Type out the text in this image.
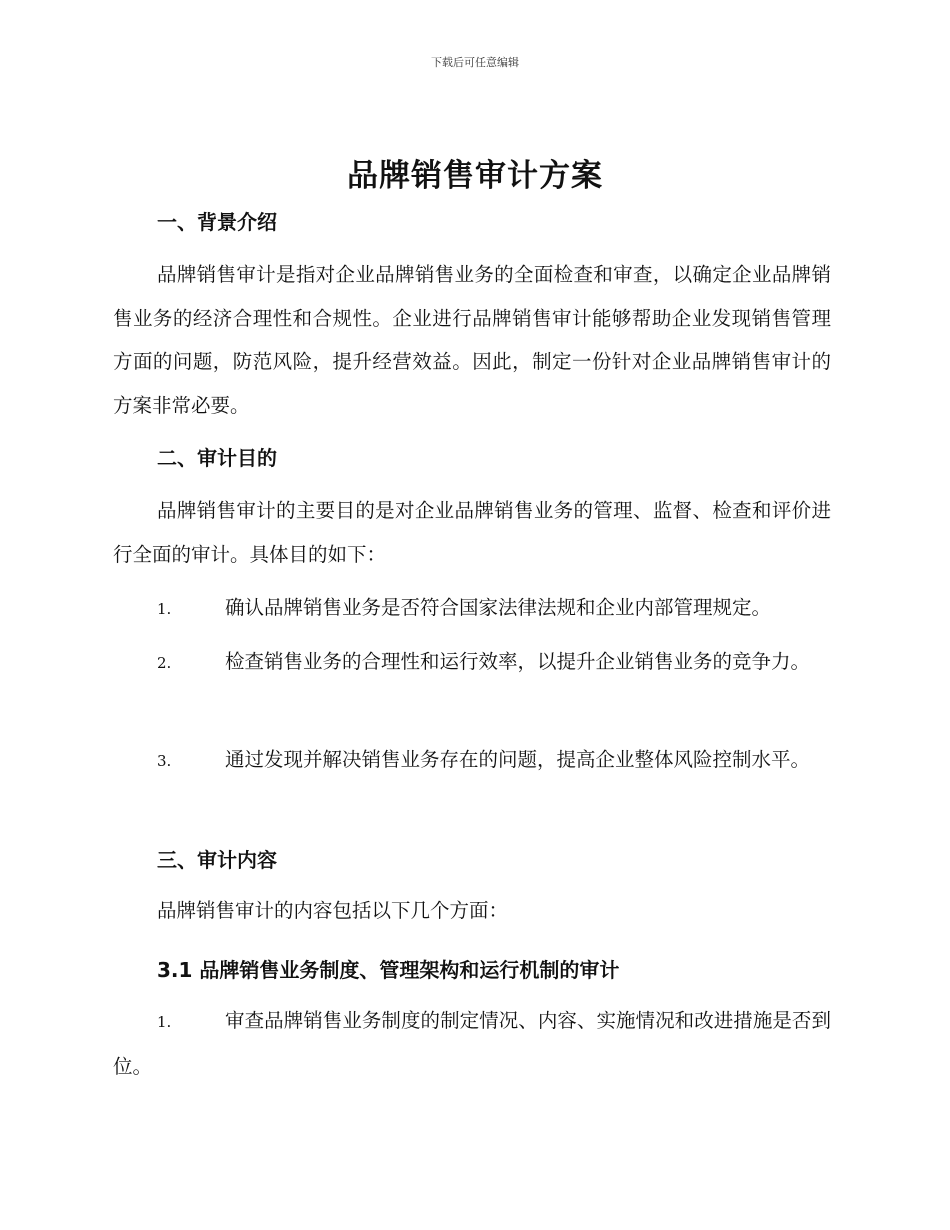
下载后可任意编辑
品牌销售审计方案
一、背景介绍

品牌销售审计是指对企业品牌销售业务的全面检查和审查，以确定企业品牌销售业务的经济合理性和合规性。企业进行品牌销售审计能够帮助企业发现销售管理方面的问题，防范风险，提升经营效益。因此，制定一份针对企业品牌销售审计的方案非常必要。

二、审计目的

品牌销售审计的主要目的是对企业品牌销售业务的管理、监督、检查和评价进行全面的审计。具体目的如下：

1.	确认品牌销售业务是否符合国家法律法规和企业内部管理规定。

2.	检查销售业务的合理性和运行效率，以提升企业销售业务的竞争力。

3.	通过发现并解决销售业务存在的问题，提高企业整体风险控制水平。

三、审计内容

品牌销售审计的内容包括以下几个方面：

3.1 品牌销售业务制度、管理架构和运行机制的审计

1.	审查品牌销售业务制度的制定情况、内容、实施情况和改进措施是否到位。
